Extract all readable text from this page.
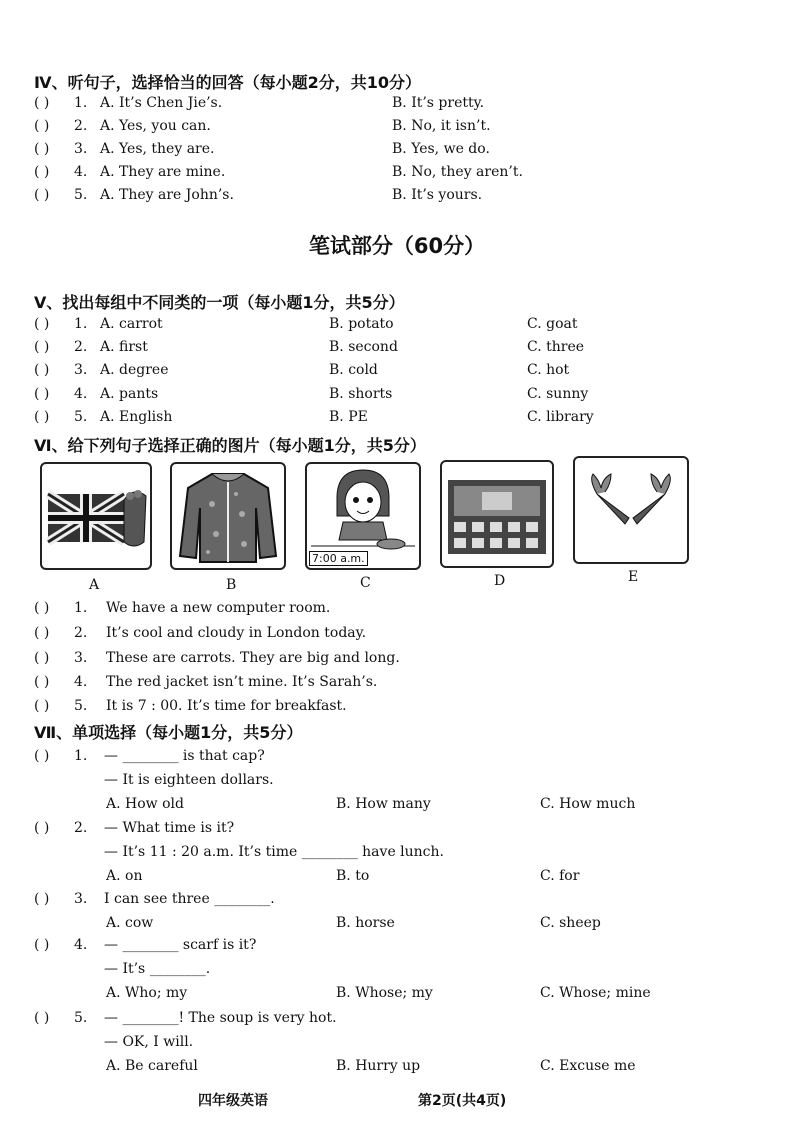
Ⅳ、听句子，选择恰当的回答（每小题2分，共10分）
( ) 1. A. It’s Chen Jie’s.	B. It’s pretty.
( ) 2. A. Yes, you can.	B. No, it isn’t.
( ) 3. A. Yes, they are.	B. Yes, we do.
( ) 4. A. They are mine.	B. No, they aren’t.
( ) 5. A. They are John’s.	B. It’s yours.
笔试部分（60分）
Ⅴ、找出每组中不同类的一项（每小题1分，共5分）
( ) 1. A. carrot	B. potato	C. goat
( ) 2. A. first	B. second	C. three
( ) 3. A. degree	B. cold	C. hot
( ) 4. A. pants	B. shorts	C. sunny
( ) 5. A. English	B. PE	C. library
Ⅵ、给下列句子选择正确的图片（每小题1分，共5分）
7:00 a.m.
A	B	C	D	E
( ) 1. We have a new computer room.
( ) 2. It’s cool and cloudy in London today.
( ) 3. These are carrots. They are big and long.
( ) 4. The red jacket isn’t mine. It’s Sarah’s.
( ) 5. It is 7 : 00. It’s time for breakfast.
Ⅶ、单项选择（每小题1分，共5分）
( ) 1. — ________ is that cap?
— It is eighteen dollars.
A. How old	B. How many	C. How much
( ) 2. — What time is it?
— It’s 11 : 20 a.m. It’s time ________ have lunch.
A. on	B. to	C. for
( ) 3. I can see three ________.
A. cow	B. horse	C. sheep
( ) 4. — ________ scarf is it?
— It’s ________.
A. Who; my	B. Whose; my	C. Whose; mine
( ) 5. — ________! The soup is very hot.
— OK, I will.
A. Be careful	B. Hurry up	C. Excuse me
四年级英语	第2页(共4页)
